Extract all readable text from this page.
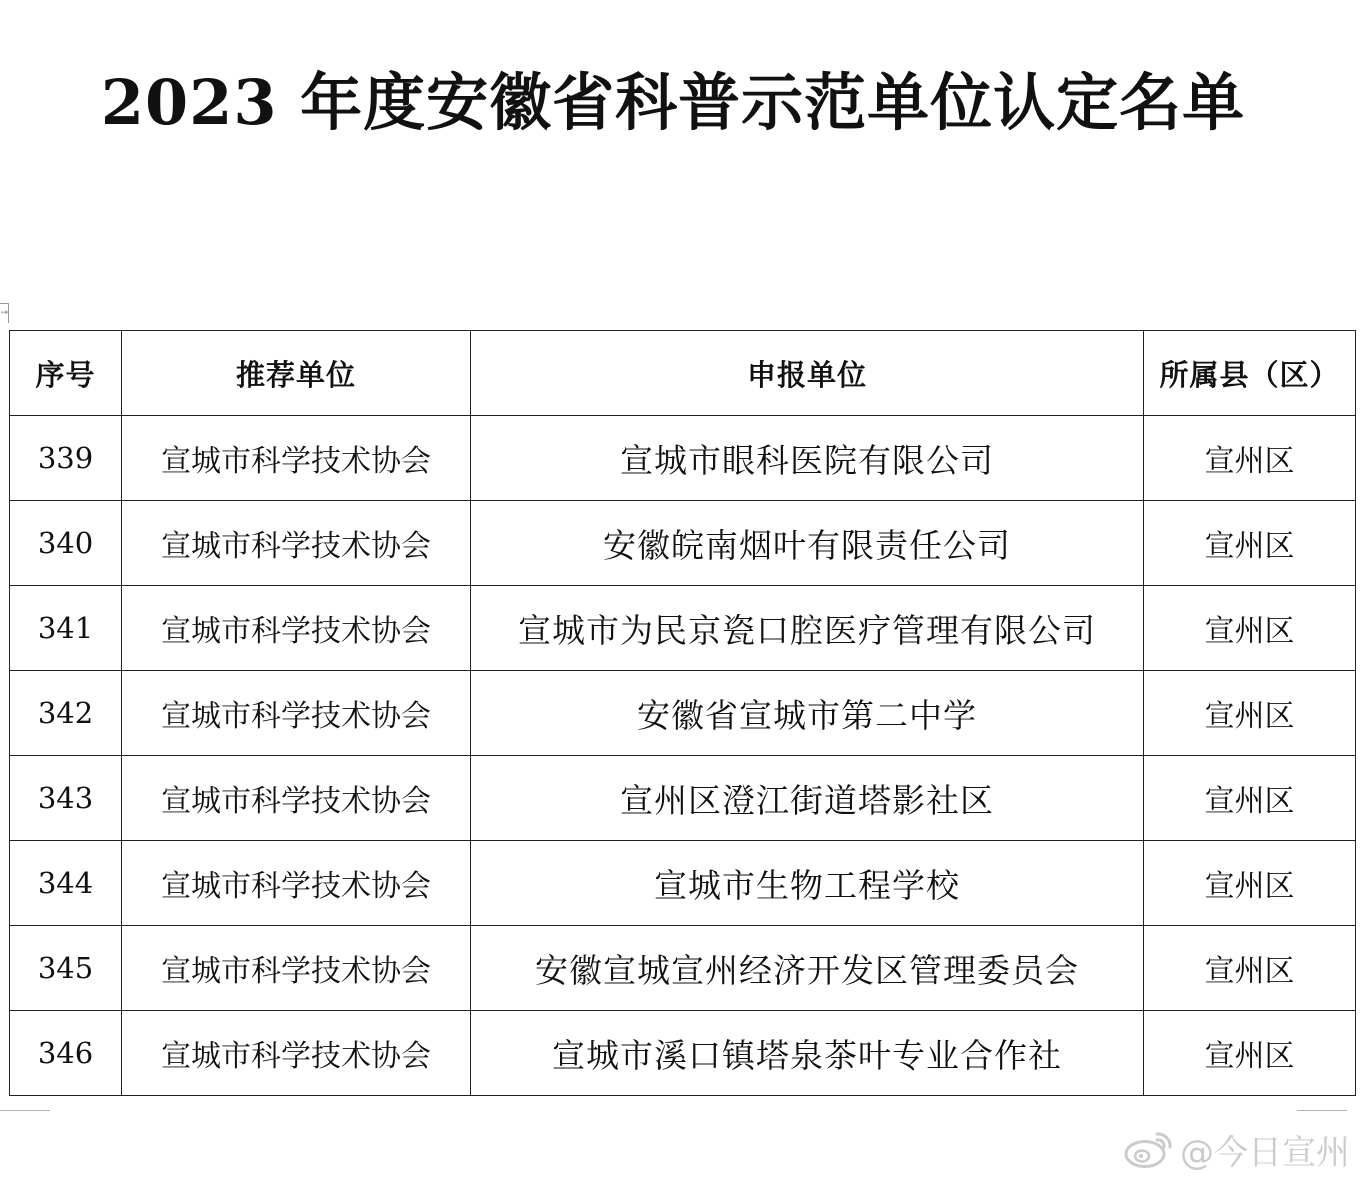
2023 年度安徽省科普示范单位认定名单
→
序号	推荐单位	申报单位	所属县（区）
339	宣城市科学技术协会	宣城市眼科医院有限公司	宣州区
340	宣城市科学技术协会	安徽皖南烟叶有限责任公司	宣州区
341	宣城市科学技术协会	宣城市为民京瓷口腔医疗管理有限公司	宣州区
342	宣城市科学技术协会	安徽省宣城市第二中学	宣州区
343	宣城市科学技术协会	宣州区澄江街道塔影社区	宣州区
344	宣城市科学技术协会	宣城市生物工程学校	宣州区
345	宣城市科学技术协会	安徽宣城宣州经济开发区管理委员会	宣州区
346	宣城市科学技术协会	宣城市溪口镇塔泉茶叶专业合作社	宣州区
@今日宣州
